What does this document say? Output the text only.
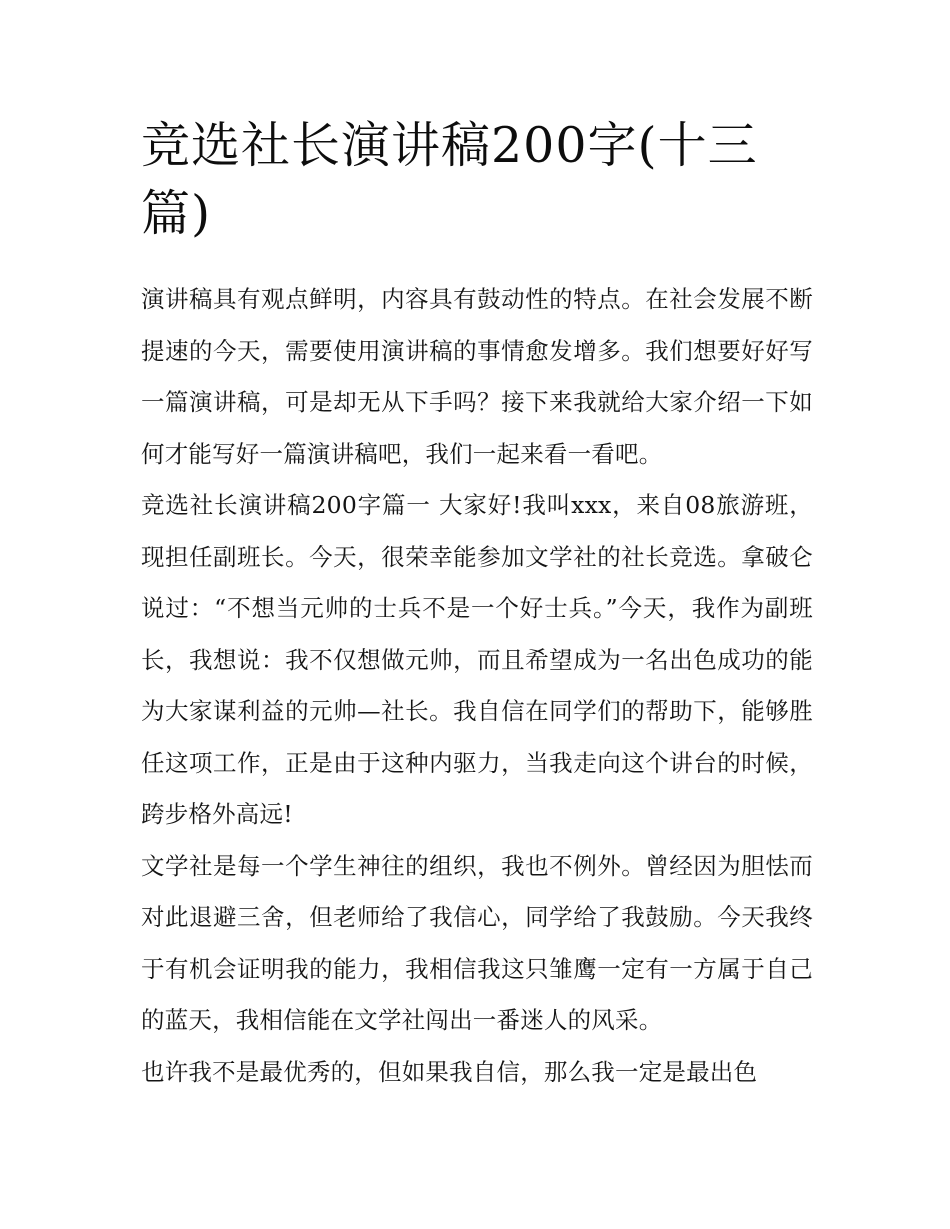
竞选社长演讲稿200字(十三篇)

演讲稿具有观点鲜明，内容具有鼓动性的特点。在社会发展不断提速的今天，需要使用演讲稿的事情愈发增多。我们想要好好写一篇演讲稿，可是却无从下手吗？接下来我就给大家介绍一下如何才能写好一篇演讲稿吧，我们一起来看一看吧。

竞选社长演讲稿200字篇一 大家好!我叫xxx，来自08旅游班，现担任副班长。今天，很荣幸能参加文学社的社长竞选。拿破仑说过：“不想当元帅的士兵不是一个好士兵。”今天，我作为副班长，我想说：我不仅想做元帅，而且希望成为一名出色成功的能为大家谋利益的元帅—社长。我自信在同学们的帮助下，能够胜任这项工作，正是由于这种内驱力，当我走向这个讲台的时候，跨步格外高远!

文学社是每一个学生神往的组织，我也不例外。曾经因为胆怯而对此退避三舍，但老师给了我信心，同学给了我鼓励。今天我终于有机会证明我的能力，我相信我这只雏鹰一定有一方属于自己的蓝天，我相信能在文学社闯出一番迷人的风采。

也许我不是最优秀的，但如果我自信，那么我一定是最出色
